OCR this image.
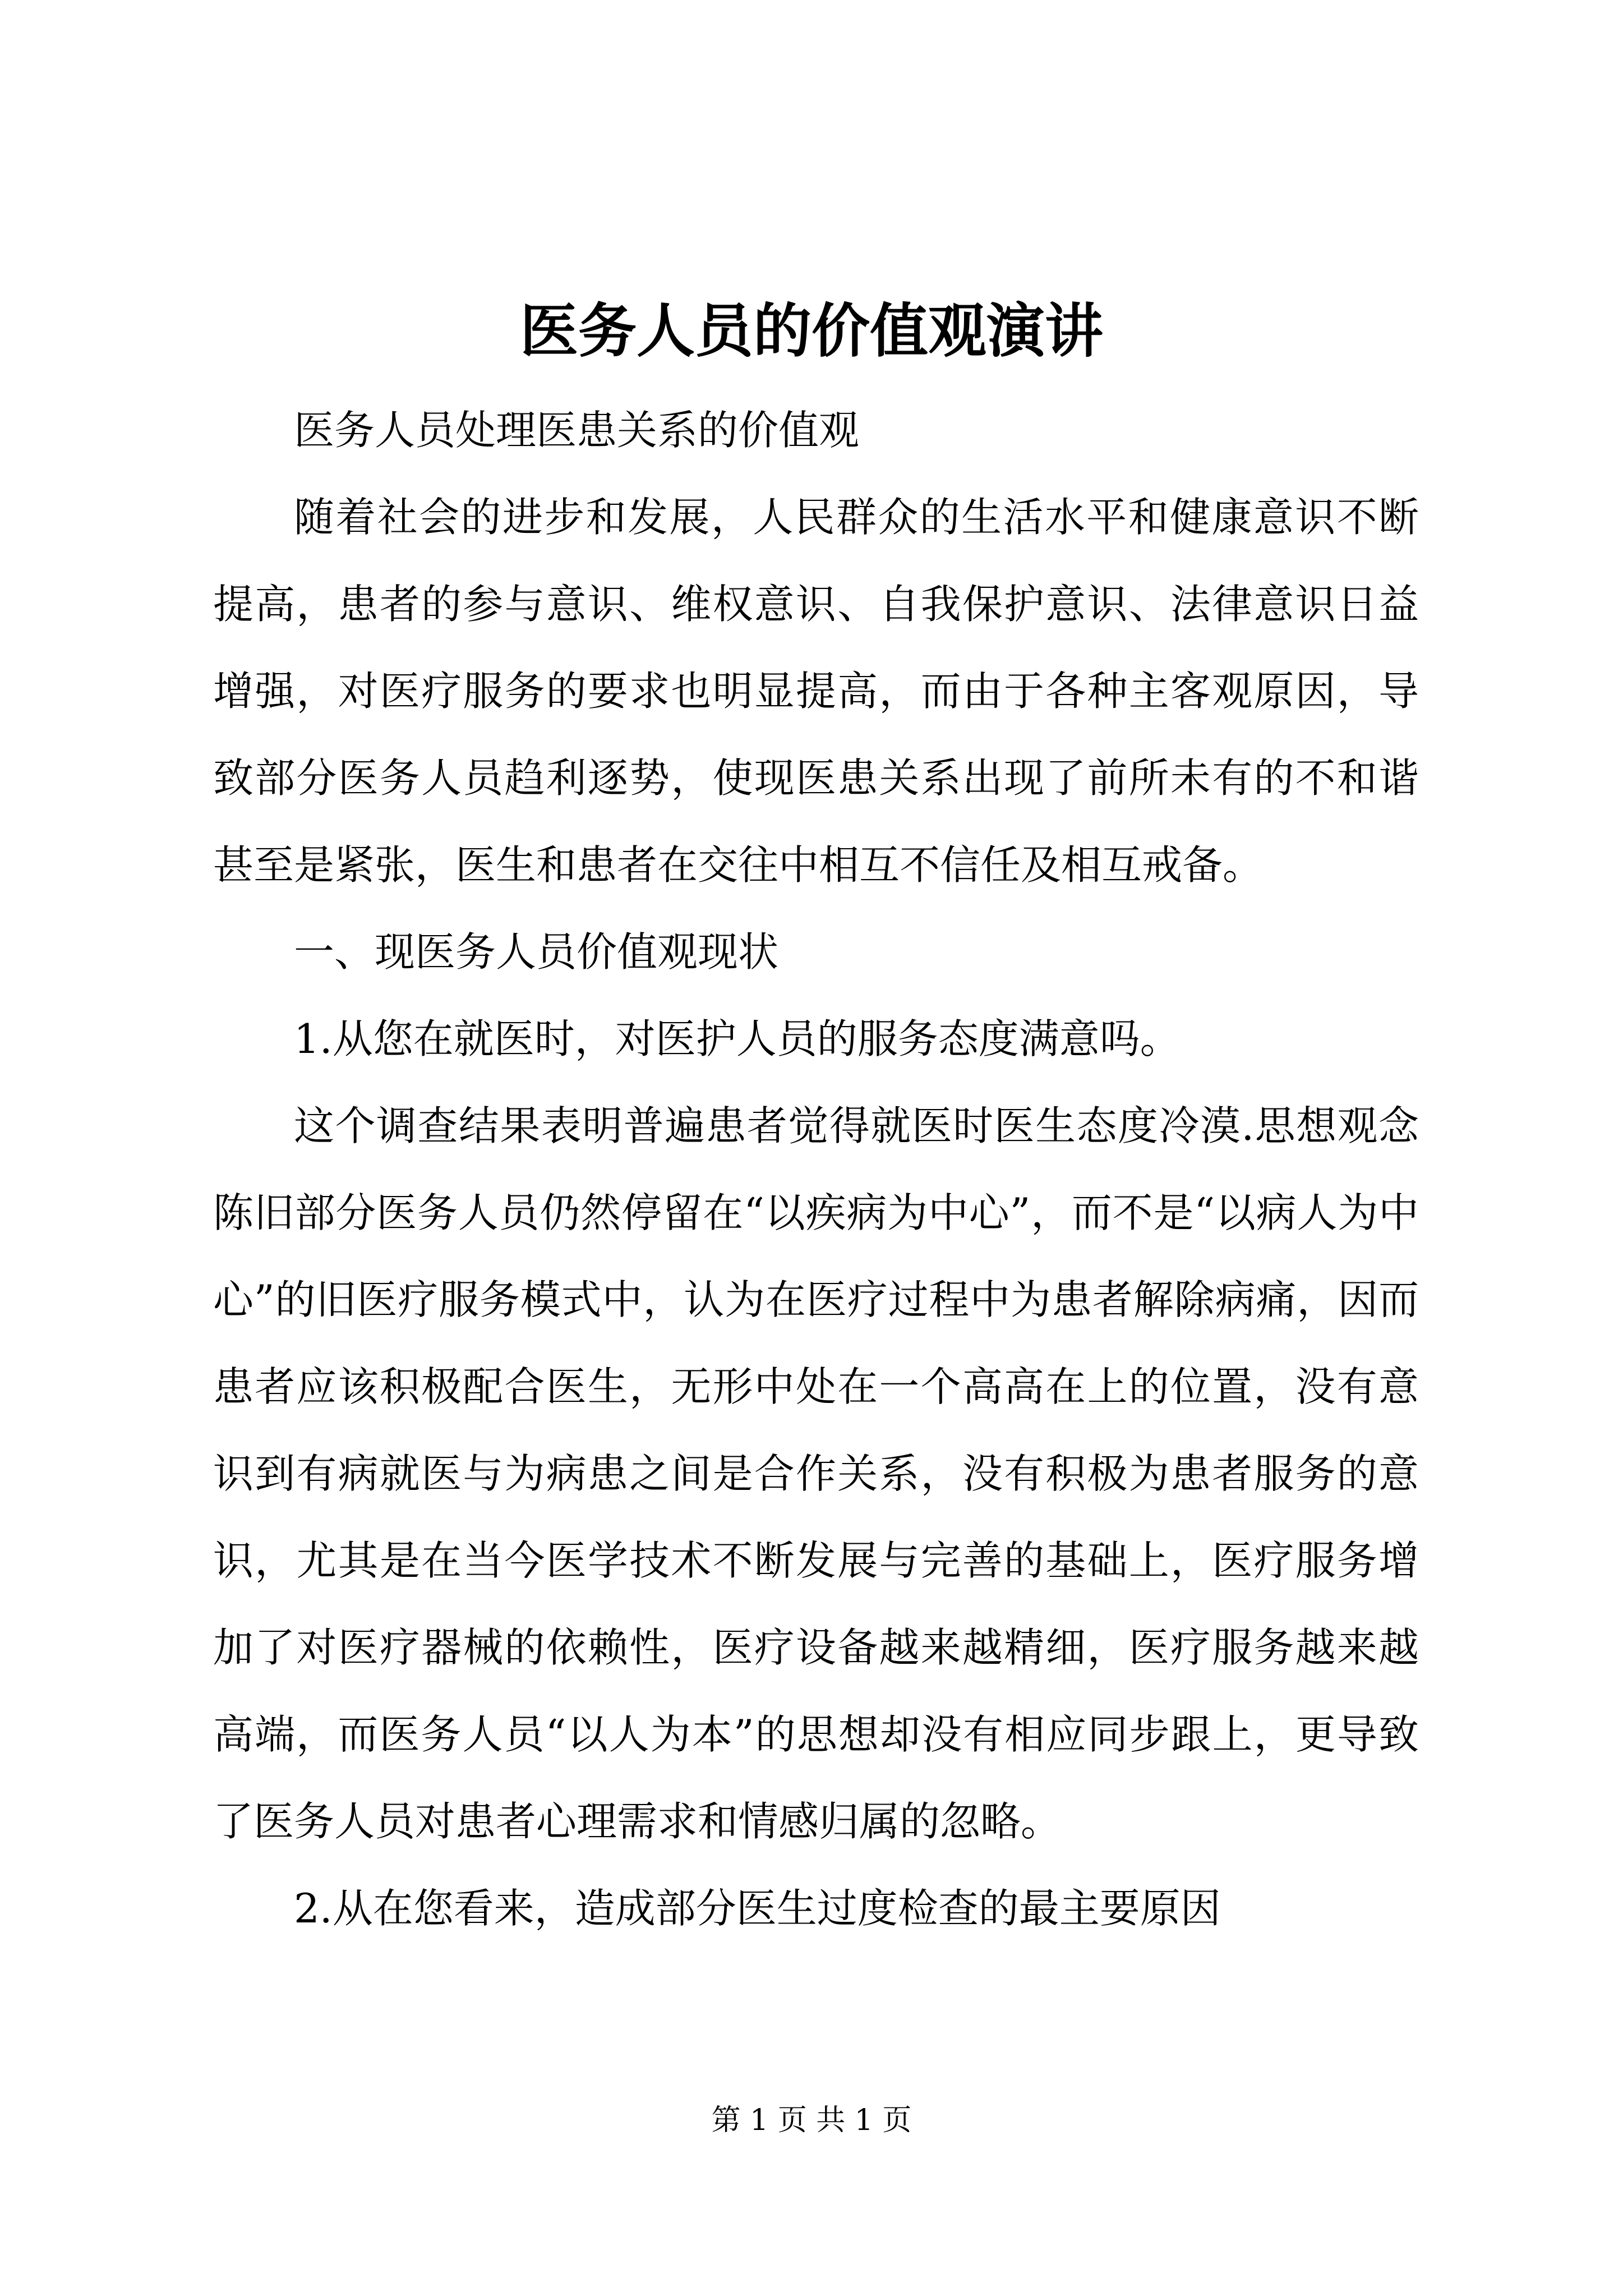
医务人员的价值观演讲

医务人员处理医患关系的价值观

随着社会的进步和发展，人民群众的生活水平和健康意识不断提高，患者的参与意识、维权意识、自我保护意识、法律意识日益增强，对医疗服务的要求也明显提高，而由于各种主客观原因，导致部分医务人员趋利逐势，使现医患关系出现了前所未有的不和谐甚至是紧张，医生和患者在交往中相互不信任及相互戒备。

一、现医务人员价值观现状

1.从您在就医时，对医护人员的服务态度满意吗。

这个调查结果表明普遍患者觉得就医时医生态度冷漠.思想观念陈旧部分医务人员仍然停留在“以疾病为中心”，而不是“以病人为中心”的旧医疗服务模式中，认为在医疗过程中为患者解除病痛，因而患者应该积极配合医生，无形中处在一个高高在上的位置，没有意识到有病就医与为病患之间是合作关系，没有积极为患者服务的意识，尤其是在当今医学技术不断发展与完善的基础上，医疗服务增加了对医疗器械的依赖性，医疗设备越来越精细，医疗服务越来越高端，而医务人员“以人为本”的思想却没有相应同步跟上，更导致了医务人员对患者心理需求和情感归属的忽略。

2.从在您看来，造成部分医生过度检查的最主要原因

第 1 页 共 1 页
